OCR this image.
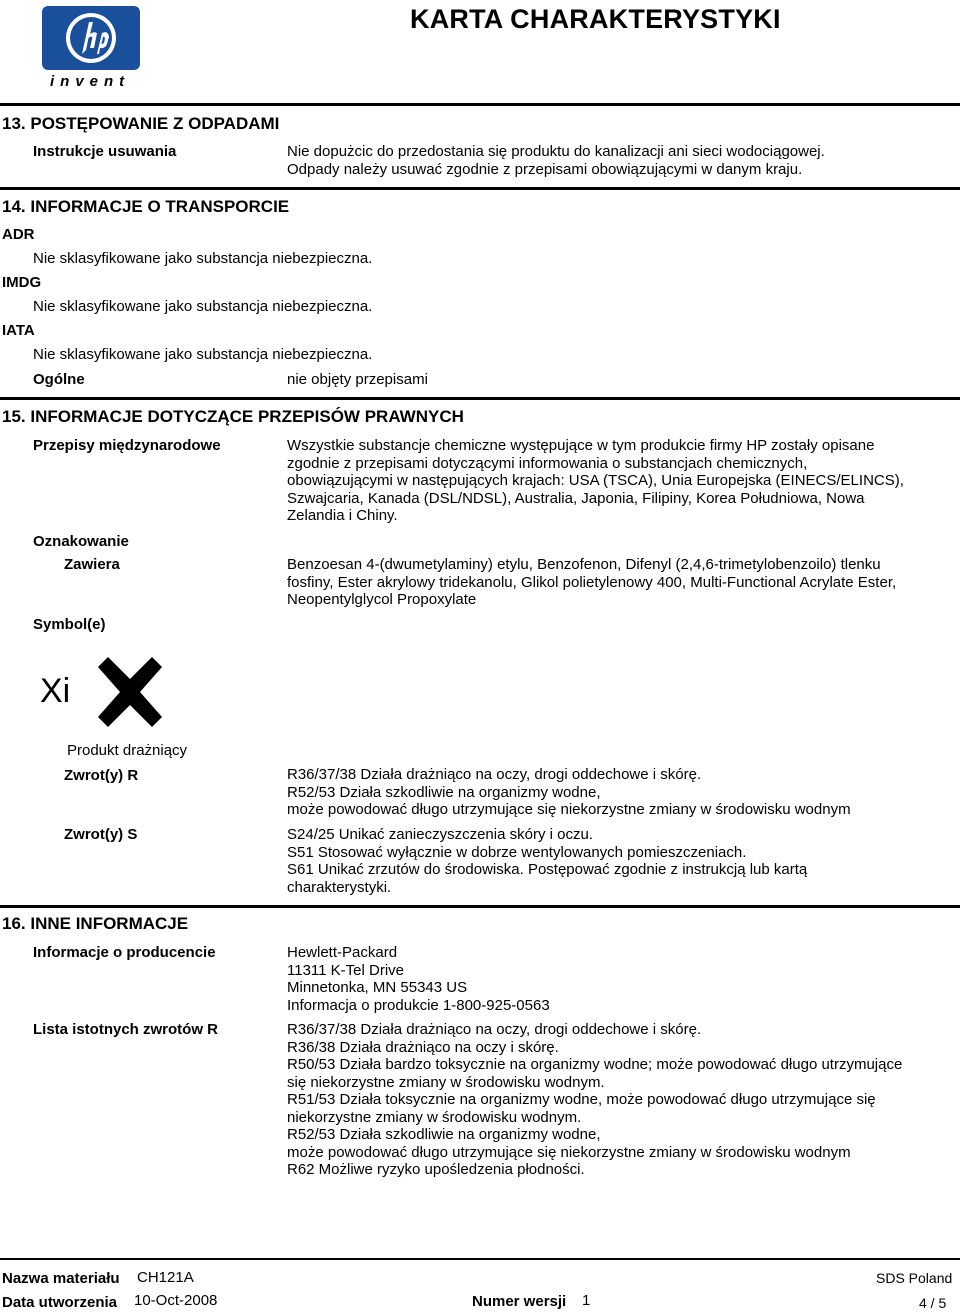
invent
KARTA CHARAKTERYSTYKI
13. POSTĘPOWANIE Z ODPADAMI
Instrukcje usuwania	Nie dopużcic do przedostania się produktu do kanalizacji ani sieci wodociągowej.
Odpady należy usuwać zgodnie z przepisami obowiązującymi w danym kraju.
14. INFORMACJE O TRANSPORCIE
ADR
Nie sklasyfikowane jako substancja niebezpieczna.
IMDG
Nie sklasyfikowane jako substancja niebezpieczna.
IATA
Nie sklasyfikowane jako substancja niebezpieczna.
Ogólne	nie objęty przepisami
15. INFORMACJE DOTYCZĄCE PRZEPISÓW PRAWNYCH
Przepisy międzynarodowe	Wszystkie substancje chemiczne występujące w tym produkcie firmy HP zostały opisane
zgodnie z przepisami dotyczącymi informowania o substancjach chemicznych,
obowiązującymi w następujących krajach: USA (TSCA), Unia Europejska (EINECS/ELINCS),
Szwajcaria, Kanada (DSL/NDSL), Australia, Japonia, Filipiny, Korea Południowa, Nowa
Zelandia i Chiny.
Oznakowanie
Zawiera	Benzoesan 4-(dwumetylaminy) etylu, Benzofenon, Difenyl (2,4,6-trimetylobenzoilo) tlenku
fosfiny, Ester akrylowy tridekanolu, Glikol polietylenowy 400, Multi-Functional Acrylate Ester,
Neopentylglycol Propoxylate
Symbol(e)
Xi
Produkt drażniący
Zwrot(y) R	R36/37/38 Działa drażniąco na oczy, drogi oddechowe i skórę.
R52/53 Działa szkodliwie na organizmy wodne,
może powodować długo utrzymujące się niekorzystne zmiany w środowisku wodnym
Zwrot(y) S	S24/25 Unikać zanieczyszczenia skóry i oczu.
S51 Stosować wyłącznie w dobrze wentylowanych pomieszczeniach.
S61 Unikać zrzutów do środowiska. Postępować zgodnie z instrukcją lub kartą
charakterystyki.
16. INNE INFORMACJE
Informacje o producencie	Hewlett-Packard
11311 K-Tel Drive
Minnetonka, MN 55343 US
Informacja o produkcie 1-800-925-0563
Lista istotnych zwrotów R	R36/37/38 Działa drażniąco na oczy, drogi oddechowe i skórę.
R36/38 Działa drażniąco na oczy i skórę.
R50/53 Działa bardzo toksycznie na organizmy wodne; może powodować długo utrzymujące
się niekorzystne zmiany w środowisku wodnym.
R51/53 Działa toksycznie na organizmy wodne, może powodować długo utrzymujące się
niekorzystne zmiany w środowisku wodnym.
R52/53 Działa szkodliwie na organizmy wodne,
może powodować długo utrzymujące się niekorzystne zmiany w środowisku wodnym
R62 Możliwe ryzyko upośledzenia płodności.
Nazwa materiału CH121A	SDS Poland
Data utworzenia 10-Oct-2008	Numer wersji 1	4 / 5
